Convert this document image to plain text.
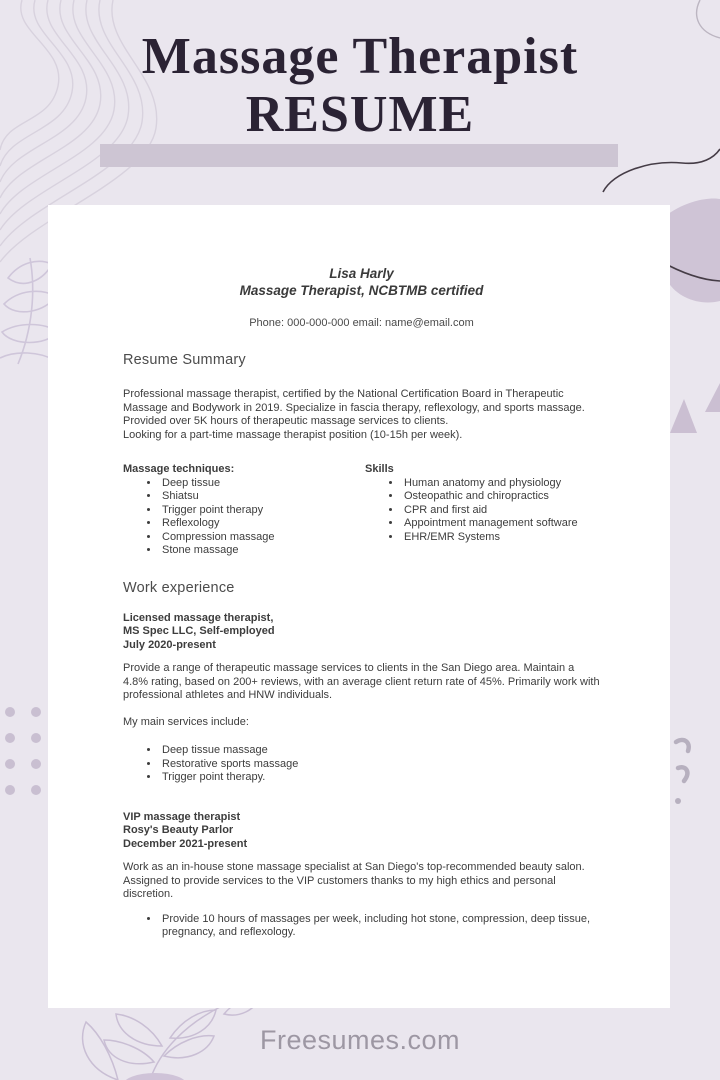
Massage Therapist
RESUME
Lisa Harly
Massage Therapist, NCBTMB certified
Phone: 000-000-000 email: name@email.com
Resume Summary

Professional massage therapist, certified by the National Certification Board in Therapeutic Massage and Bodywork in 2019. Specialize in fascia therapy, reflexology, and sports massage. Provided over 5K hours of therapeutic massage services to clients.

Looking for a part-time massage therapist position (10-15h per week).

Massage techniques:
• Deep tissue
• Shiatsu
• Trigger point therapy
• Reflexology
• Compression massage
• Stone massage
Skills
• Human anatomy and physiology
• Osteopathic and chiropractics
• CPR and first aid
• Appointment management software
• EHR/EMR Systems
Work experience
Licensed massage therapist,
MS Spec LLC, Self-employed
July 2020-present

Provide a range of therapeutic massage services to clients in the San Diego area. Maintain a 4.8% rating, based on 200+ reviews, with an average client return rate of 45%. Primarily work with professional athletes and HNW individuals.

My main services include:

• Deep tissue massage
• Restorative sports massage
• Trigger point therapy.
VIP massage therapist
Rosy's Beauty Parlor
December 2021-present

Work as an in-house stone massage specialist at San Diego's top-recommended beauty salon. Assigned to provide services to the VIP customers thanks to my high ethics and personal discretion.

• Provide 10 hours of massages per week, including hot stone, compression, deep tissue, pregnancy, and reflexology.
Freesumes.com
